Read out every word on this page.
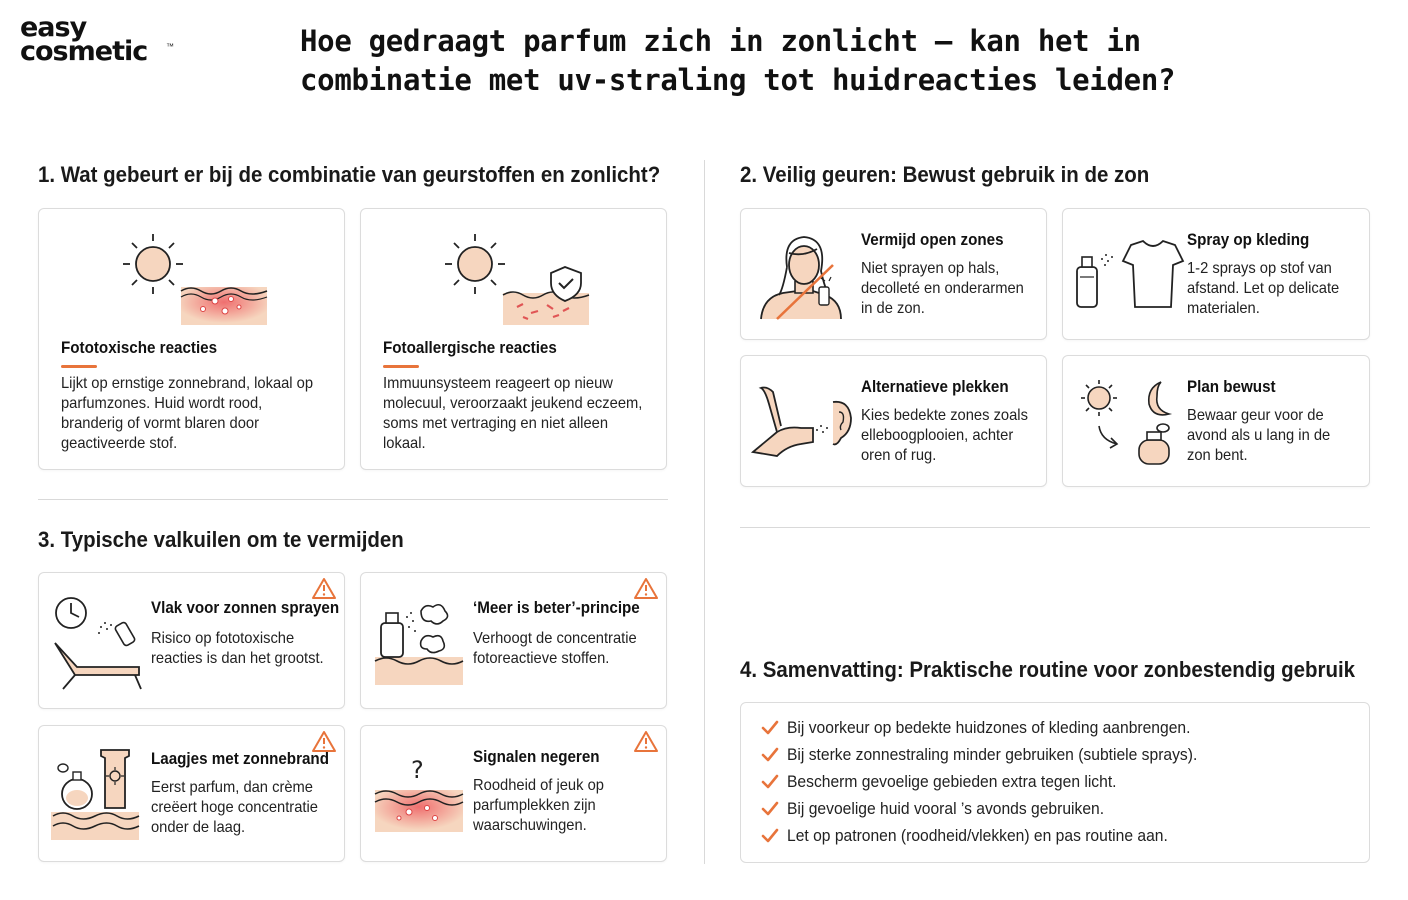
easy
cosmetic	™	Hoe gedraagt parfum zich in zonlicht – kan het in combinatie met uv-straling tot huidreacties leiden?
1. Wat gebeurt er bij de combinatie van geurstoffen en zonlicht?	2. Veilig geuren: Bewust gebruik in de zon
3. Typische valkuilen om te vermijden
4. Samenvatting: Praktische routine voor zonbestendig gebruik
Fototoxische reacties
Lijkt op ernstige zonnebrand, lokaal op parfumzones. Huid wordt rood, branderig of vormt blaren door geactiveerde stof.
Fotoallergische reacties
Immuunsysteem reageert op nieuw molecuul, veroorzaakt jeukend eczeem, soms met vertraging en niet alleen lokaal.
Vermijd open zones
Niet sprayen op hals, decolleté en onderarmen in de zon.
Spray op kleding
1-2 sprays op stof van afstand. Let op delicate materialen.
Alternatieve plekken
Kies bedekte zones zoals elleboogplooien, achter oren of rug.
Plan bewust
Bewaar geur voor de avond als u lang in de zon bent.
Vlak voor zonnen sprayen
Risico op fototoxische reacties is dan het grootst.
‘Meer is beter’-principe
Verhoogt de concentratie fotoreactieve stoffen.
Laagjes met zonnebrand
Eerst parfum, dan crème creëert hoge concentratie onder de laag.
?	Signalen negeren
Roodheid of jeuk op parfumplekken zijn waarschuwingen.
Bij voorkeur op bedekte huidzones of kleding aanbrengen.
Bij sterke zonnestraling minder gebruiken (subtiele sprays).
Bescherm gevoelige gebieden extra tegen licht.
Bij gevoelige huid vooral ’s avonds gebruiken.
Let op patronen (roodheid/vlekken) en pas routine aan.
